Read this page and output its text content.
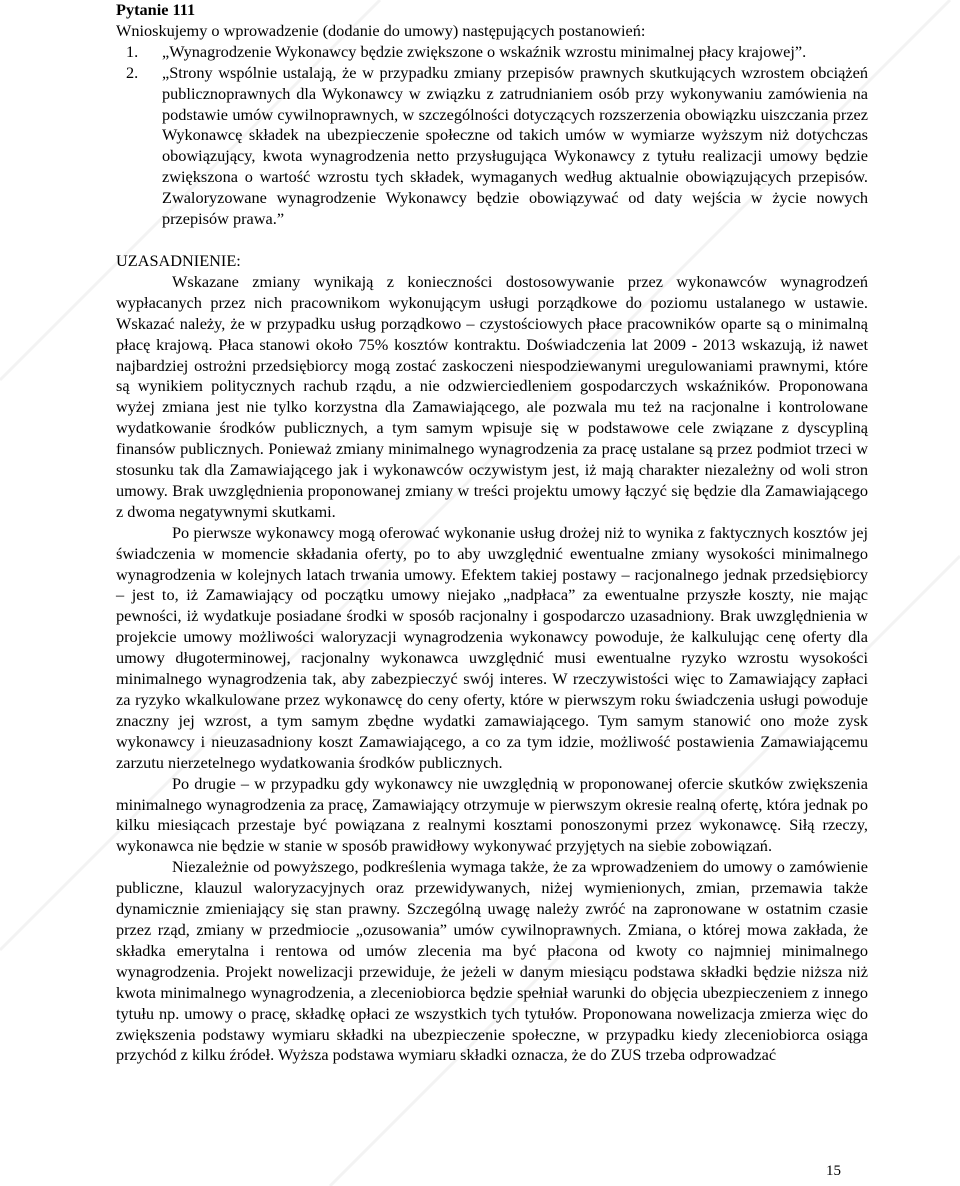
Pytanie 111
Wnioskujemy o wprowadzenie (dodanie do umowy) następujących postanowień:
1. „Wynagrodzenie Wykonawcy będzie zwiększone o wskaźnik wzrostu minimalnej płacy krajowej”.
2. „Strony wspólnie ustalają, że w przypadku zmiany przepisów prawnych skutkujących wzrostem obciążeń publicznoprawnych dla Wykonawcy w związku z zatrudnianiem osób przy wykonywaniu zamówienia na podstawie umów cywilnoprawnych, w szczególności dotyczących rozszerzenia obowiązku uiszczania przez Wykonawcę składek na ubezpieczenie społeczne od takich umów w wymiarze wyższym niż dotychczas obowiązujący, kwota wynagrodzenia netto przysługująca Wykonawcy z tytułu realizacji umowy będzie zwiększona o wartość wzrostu tych składek, wymaganych według aktualnie obowiązujących przepisów. Zwaloryzowane wynagrodzenie Wykonawcy będzie obowiązywać od daty wejścia w życie nowych przepisów prawa.”
UZASADNIENIE:

Wskazane zmiany wynikają z konieczności dostosowywanie przez wykonawców wynagrodzeń wypłacanych przez nich pracownikom wykonującym usługi porządkowe do poziomu ustalanego w ustawie. Wskazać należy, że w przypadku usług porządkowo – czystościowych płace pracowników oparte są o minimalną płacę krajową. Płaca stanowi około 75% kosztów kontraktu. Doświadczenia lat 2009 - 2013 wskazują, iż nawet najbardziej ostrożni przedsiębiorcy mogą zostać zaskoczeni niespodziewanymi uregulowaniami prawnymi, które są wynikiem politycznych rachub rządu, a nie odzwierciedleniem gospodarczych wskaźników. Proponowana wyżej zmiana jest nie tylko korzystna dla Zamawiającego, ale pozwala mu też na racjonalne i kontrolowane wydatkowanie środków publicznych, a tym samym wpisuje się w podstawowe cele związane z dyscypliną finansów publicznych. Ponieważ zmiany minimalnego wynagrodzenia za pracę ustalane są przez podmiot trzeci w stosunku tak dla Zamawiającego jak i wykonawców oczywistym jest, iż mają charakter niezależny od woli stron umowy. Brak uwzględnienia proponowanej zmiany w treści projektu umowy łączyć się będzie dla Zamawiającego z dwoma negatywnymi skutkami.

Po pierwsze wykonawcy mogą oferować wykonanie usług drożej niż to wynika z faktycznych kosztów jej świadczenia w momencie składania oferty, po to aby uwzględnić ewentualne zmiany wysokości minimalnego wynagrodzenia w kolejnych latach trwania umowy. Efektem takiej postawy – racjonalnego jednak przedsiębiorcy – jest to, iż Zamawiający od początku umowy niejako „nadpłaca” za ewentualne przyszłe koszty, nie mając pewności, iż wydatkuje posiadane środki w sposób racjonalny i gospodarczo uzasadniony. Brak uwzględnienia w projekcie umowy możliwości waloryzacji wynagrodzenia wykonawcy powoduje, że kalkulując cenę oferty dla umowy długoterminowej, racjonalny wykonawca uwzględnić musi ewentualne ryzyko wzrostu wysokości minimalnego wynagrodzenia tak, aby zabezpieczyć swój interes. W rzeczywistości więc to Zamawiający zapłaci za ryzyko wkalkulowane przez wykonawcę do ceny oferty, które w pierwszym roku świadczenia usługi powoduje znaczny jej wzrost, a tym samym zbędne wydatki zamawiającego. Tym samym stanowić ono może zysk wykonawcy i nieuzasadniony koszt Zamawiającego, a co za tym idzie, możliwość postawienia Zamawiającemu zarzutu nierzetelnego wydatkowania środków publicznych.

Po drugie – w przypadku gdy wykonawcy nie uwzględnią w proponowanej ofercie skutków zwiększenia minimalnego wynagrodzenia za pracę, Zamawiający otrzymuje w pierwszym okresie realną ofertę, która jednak po kilku miesiącach przestaje być powiązana z realnymi kosztami ponoszonymi przez wykonawcę. Siłą rzeczy, wykonawca nie będzie w stanie w sposób prawidłowy wykonywać przyjętych na siebie zobowiązań.

Niezależnie od powyższego, podkreślenia wymaga także, że za wprowadzeniem do umowy o zamówienie publiczne, klauzul waloryzacyjnych oraz przewidywanych, niżej wymienionych, zmian, przemawia także dynamicznie zmieniający się stan prawny. Szczególną uwagę należy zwróć na zapronowane w ostatnim czasie przez rząd, zmiany w przedmiocie „ozusowania” umów cywilnoprawnych. Zmiana, o której mowa zakłada, że składka emerytalna i rentowa od umów zlecenia ma być płacona od kwoty co najmniej minimalnego wynagrodzenia. Projekt nowelizacji przewiduje, że jeżeli w danym miesiącu podstawa składki będzie niższa niż kwota minimalnego wynagrodzenia, a zleceniobiorca będzie spełniał warunki do objęcia ubezpieczeniem z innego tytułu np. umowy o pracę, składkę opłaci ze wszystkich tych tytułów. Proponowana nowelizacja zmierza więc do zwiększenia podstawy wymiaru składki na ubezpieczenie społeczne, w przypadku kiedy zleceniobiorca osiąga przychód z kilku źródeł. Wyższa podstawa wymiaru składki oznacza, że do ZUS trzeba odprowadzać

15
